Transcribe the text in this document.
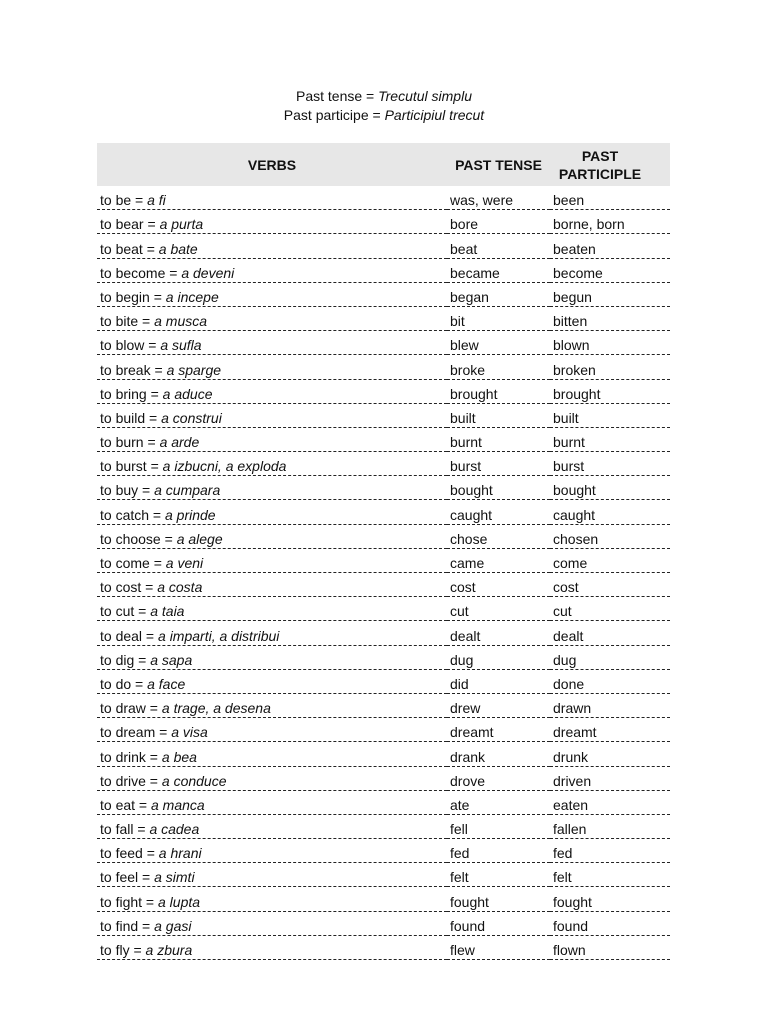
Past tense = Trecutul simplu
Past participe = Participiul trecut
VERBS	PAST TENSE	PAST PARTICIPLE
to be = a fi	was, were	been
to bear = a purta	bore	borne, born
to beat = a bate	beat	beaten
to become = a deveni	became	become
to begin = a incepe	began	begun
to bite = a musca	bit	bitten
to blow = a sufla	blew	blown
to break = a sparge	broke	broken
to bring = a aduce	brought	brought
to build = a construi	built	built
to burn = a arde	burnt	burnt
to burst = a izbucni, a exploda	burst	burst
to buy = a cumpara	bought	bought
to catch = a prinde	caught	caught
to choose = a alege	chose	chosen
to come = a veni	came	come
to cost = a costa	cost	cost
to cut = a taia	cut	cut
to deal = a imparti, a distribui	dealt	dealt
to dig = a sapa	dug	dug
to do = a face	did	done
to draw = a trage, a desena	drew	drawn
to dream = a visa	dreamt	dreamt
to drink = a bea	drank	drunk
to drive = a conduce	drove	driven
to eat = a manca	ate	eaten
to fall = a cadea	fell	fallen
to feed = a hrani	fed	fed
to feel = a simti	felt	felt
to fight = a lupta	fought	fought
to find = a gasi	found	found
to fly = a zbura	flew	flown
